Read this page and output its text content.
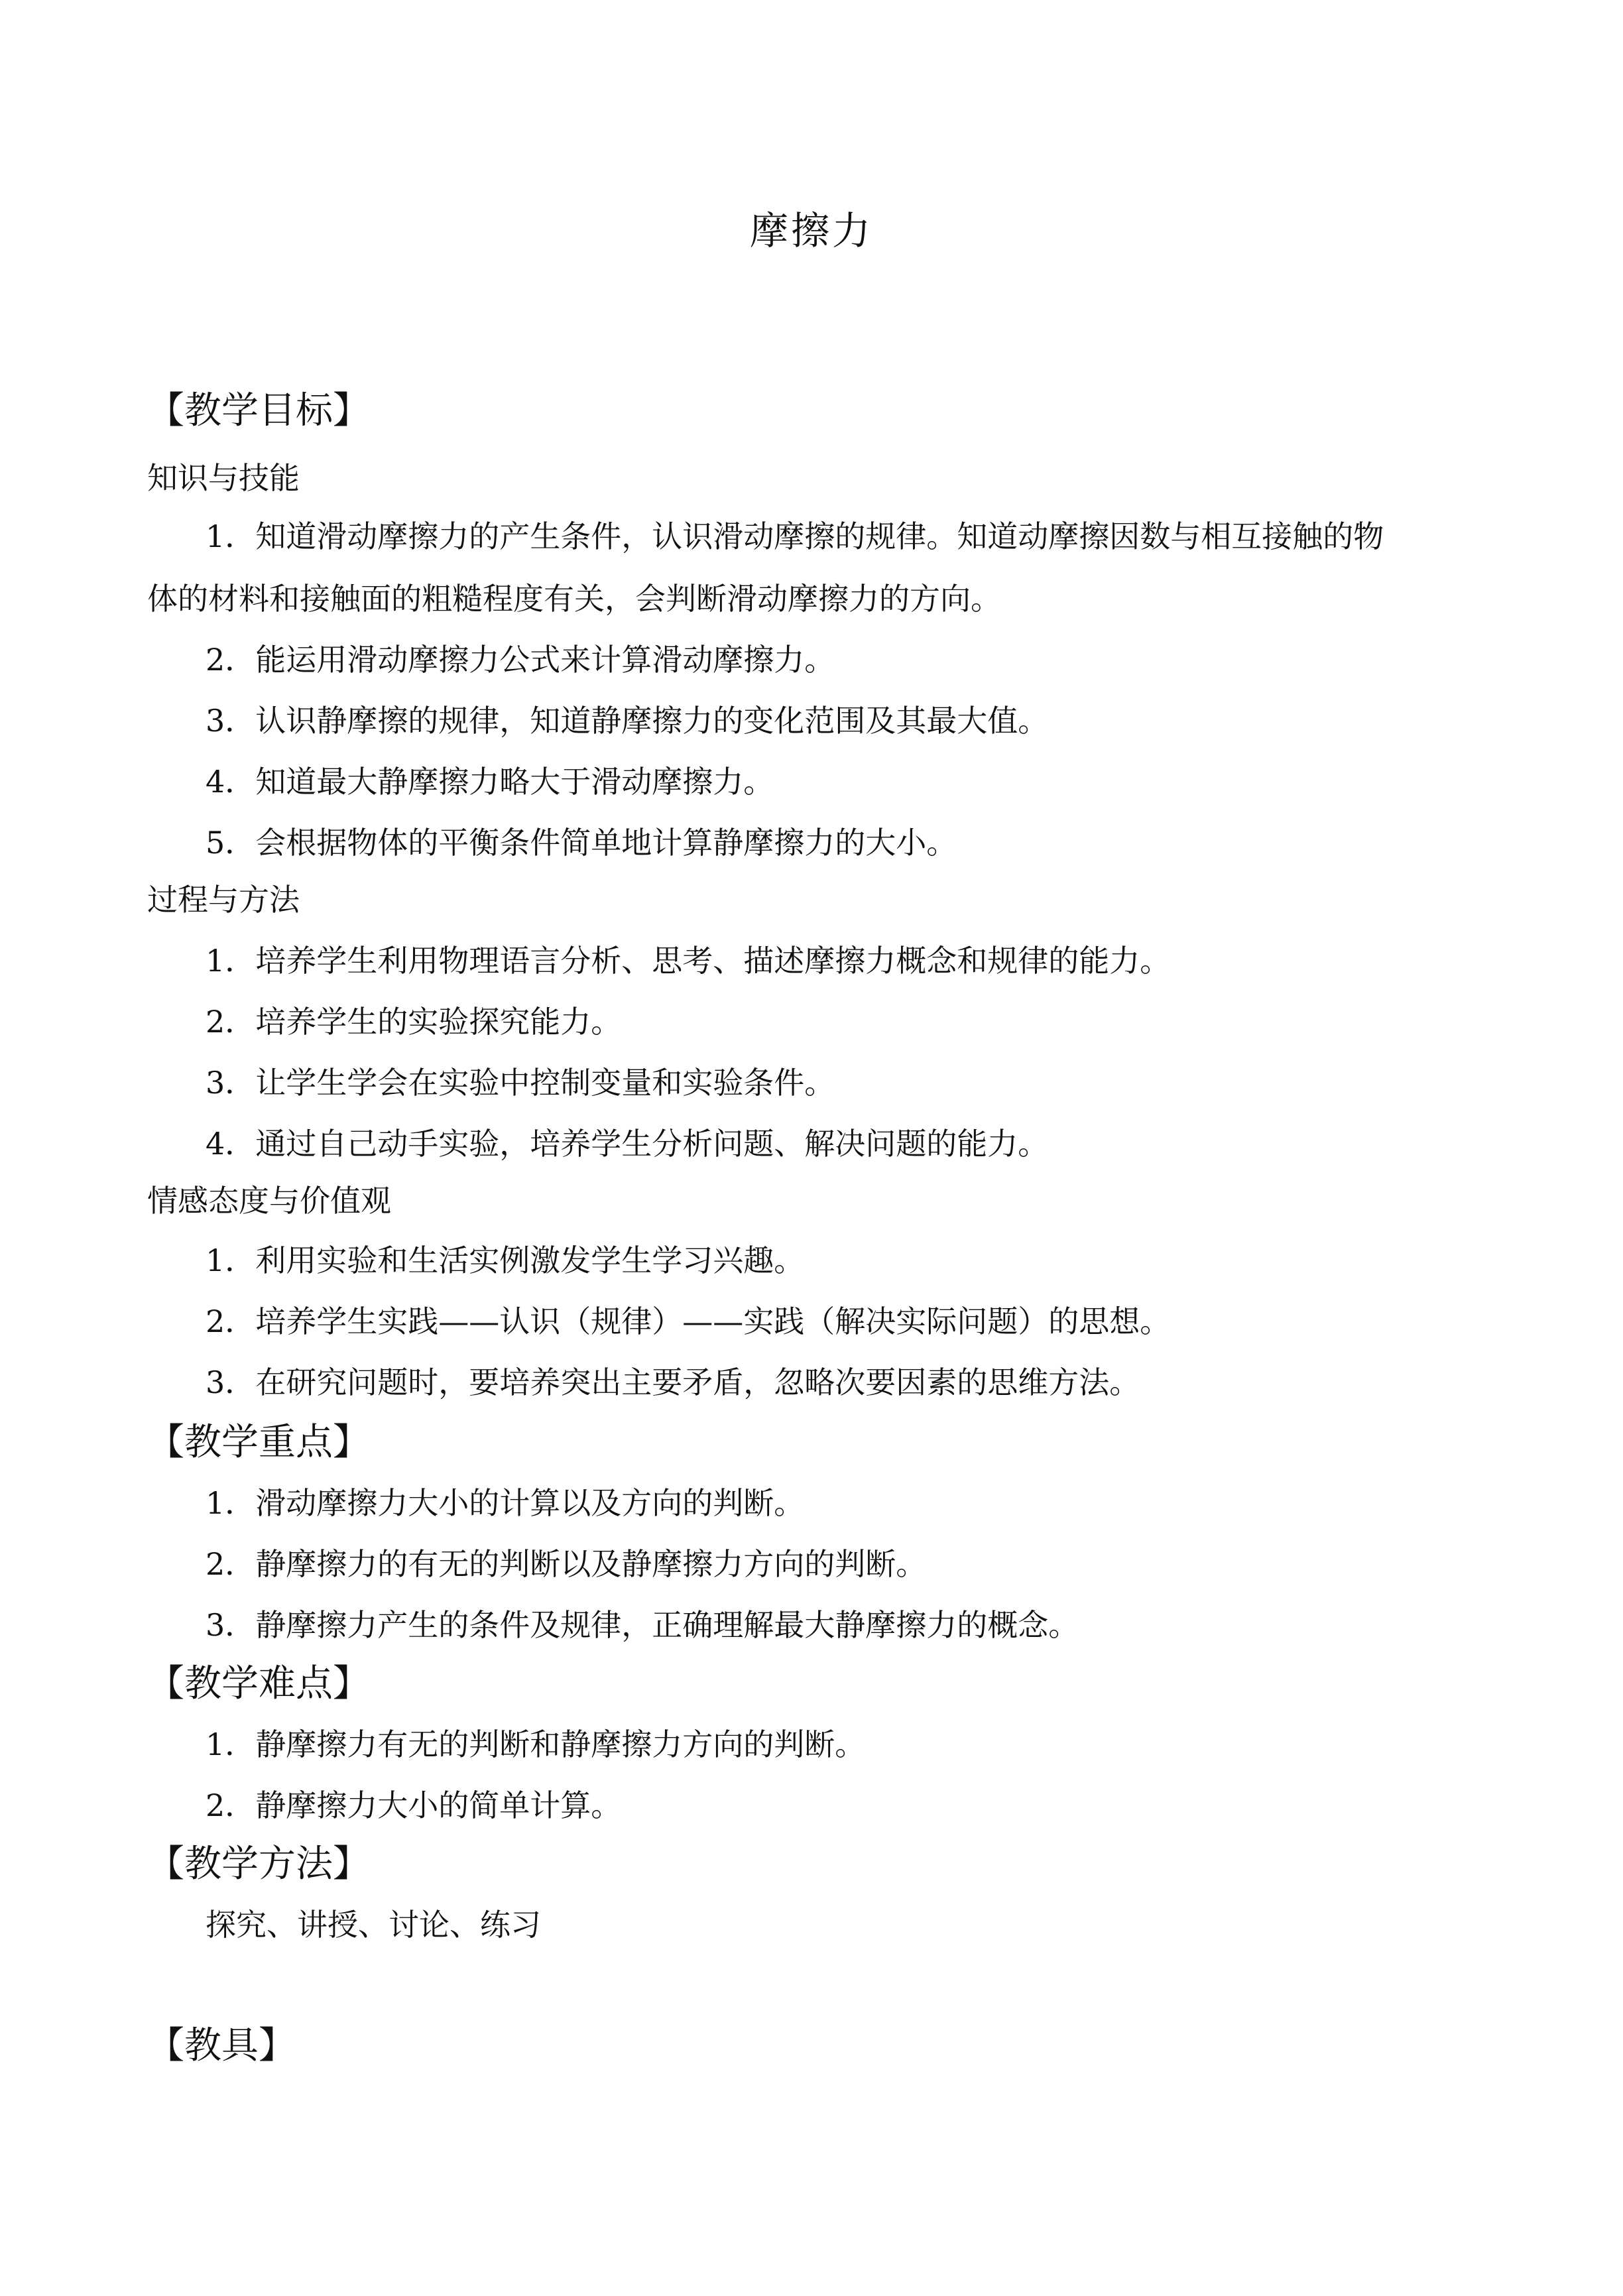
摩擦力
【教学目标】
知识与技能
1．知道滑动摩擦力的产生条件，认识滑动摩擦的规律。知道动摩擦因数与相互接触的物
体的材料和接触面的粗糙程度有关，会判断滑动摩擦力的方向。
2．能运用滑动摩擦力公式来计算滑动摩擦力。
3．认识静摩擦的规律，知道静摩擦力的变化范围及其最大值。
4．知道最大静摩擦力略大于滑动摩擦力。
5．会根据物体的平衡条件简单地计算静摩擦力的大小。
过程与方法
1．培养学生利用物理语言分析、思考、描述摩擦力概念和规律的能力。
2．培养学生的实验探究能力。
3．让学生学会在实验中控制变量和实验条件。
4．通过自己动手实验，培养学生分析问题、解决问题的能力。
情感态度与价值观
1．利用实验和生活实例激发学生学习兴趣。
2．培养学生实践——认识（规律）——实践（解决实际问题）的思想。
3．在研究问题时，要培养突出主要矛盾，忽略次要因素的思维方法。
【教学重点】
1．滑动摩擦力大小的计算以及方向的判断。
2．静摩擦力的有无的判断以及静摩擦力方向的判断。
3．静摩擦力产生的条件及规律，正确理解最大静摩擦力的概念。
【教学难点】
1．静摩擦力有无的判断和静摩擦力方向的判断。
2．静摩擦力大小的简单计算。
【教学方法】
探究、讲授、讨论、练习
【教具】
